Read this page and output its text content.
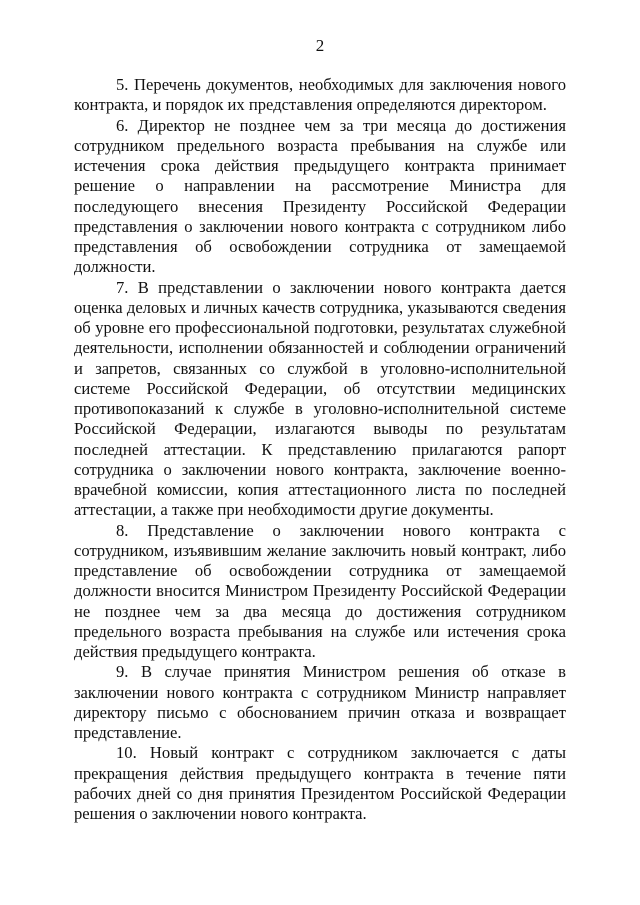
2

5. Перечень документов, необходимых для заключения нового контракта, и порядок их представления определяются директором.

6. Директор не позднее чем за три месяца до достижения сотрудником предельного возраста пребывания на службе или истечения срока действия предыдущего контракта принимает решение о направлении на рассмотрение Министра для последующего внесения Президенту Российской Федерации представления о заключении нового контракта с сотрудником либо представления об освобождении сотрудника от замещаемой должности.

7. В представлении о заключении нового контракта дается оценка деловых и личных качеств сотрудника, указываются сведения об уровне его профессиональной подготовки, результатах служебной деятельности, исполнении обязанностей и соблюдении ограничений и запретов, связанных со службой в уголовно-исполнительной системе Российской Федерации, об отсутствии медицинских противопоказаний к службе в уголовно-исполнительной системе Российской Федерации, излагаются выводы по результатам последней аттестации. К представлению прилагаются рапорт сотрудника о заключении нового контракта, заключение военно-врачебной комиссии, копия аттестационного листа по последней аттестации, а также при необходимости другие документы.

8. Представление о заключении нового контракта с сотрудником, изъявившим желание заключить новый контракт, либо представление об освобождении сотрудника от замещаемой должности вносится Министром Президенту Российской Федерации не позднее чем за два месяца до достижения сотрудником предельного возраста пребывания на службе или истечения срока действия предыдущего контракта.

9. В случае принятия Министром решения об отказе в заключении нового контракта с сотрудником Министр направляет директору письмо с обоснованием причин отказа и возвращает представление.

10. Новый контракт с сотрудником заключается с даты прекращения действия предыдущего контракта в течение пяти рабочих дней со дня принятия Президентом Российской Федерации решения о заключении нового контракта.
